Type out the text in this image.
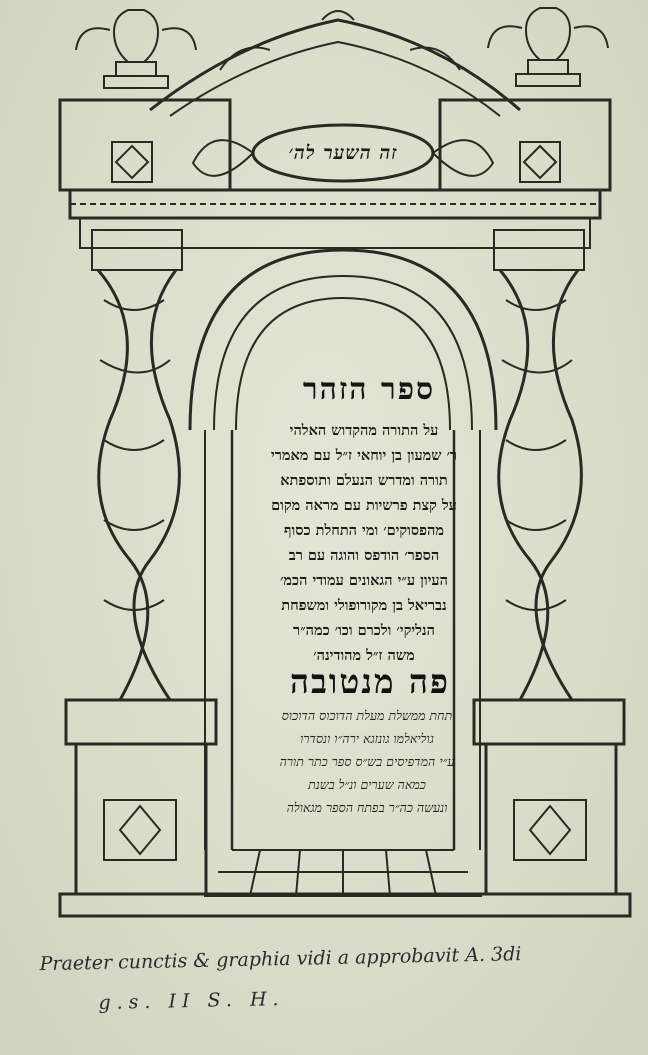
זה השער לה׳
ספר הזהר
על התורה מהקדוש האלהי
ר׳ שמעון בן יוחאי ז״ל עם מאמרי
תורה ומדרש הנעלם ותוספתא
על קצת פרשיות עם מראה מקום
מהפסוקים׳ ומי התחלת כסוף
הספר׳ הודפס והוגה עם רב
העיון ע״י הגאונים עמודי הכמ׳
נבריאל בן מקורופולי ומשפחת
הנליקי׳ ולכרם וכו׳ כמה״ר
משה ז״ל מהודינה׳
פה מנטובה
תחת ממשלת מעלת הדוכוס הדוכוס
גוליאלמו גונזגא ירה״ו ונסדרו
ע״י המדפיסים בש״ס ספר כתר תורה
כמאה שערים ונ״ל בשנת
ונעשה כה״ר בפתח הספר מגאולה
Praeter cunctis & graphia vidi a approbavit A. 3di
g.s. II S. H.
